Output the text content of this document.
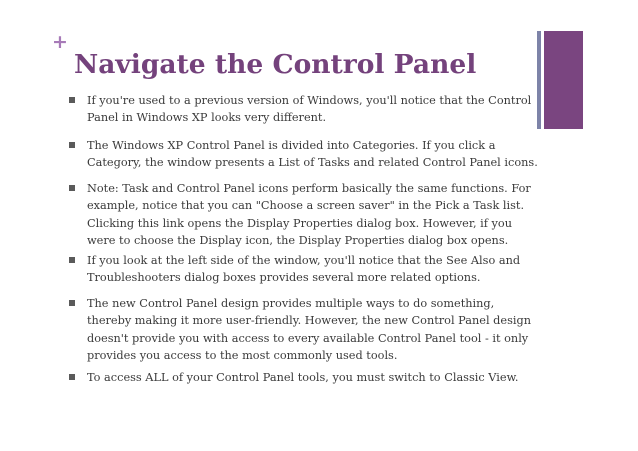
+
Navigate the Control Panel
If you're used to a previous version of Windows, you'll notice that the Control Panel in Windows XP looks very different.
The Windows XP Control Panel is divided into Categories. If you click a Category, the window presents a List of Tasks and related Control Panel icons.
Note: Task and Control Panel icons perform basically the same functions. For example, notice that you can "Choose a screen saver" in the Pick a Task list. Clicking this link opens the Display Properties dialog box. However, if you were to choose the Display icon, the Display Properties dialog box opens.
If you look at the left side of the window, you'll notice that the See Also and Troubleshooters dialog boxes provides several more related options.
The new Control Panel design provides multiple ways to do something, thereby making it more user-friendly. However, the new Control Panel design doesn't provide you with access to every available Control Panel tool - it only provides you access to the most commonly used tools.
To access ALL of your Control Panel tools, you must switch to Classic View.
